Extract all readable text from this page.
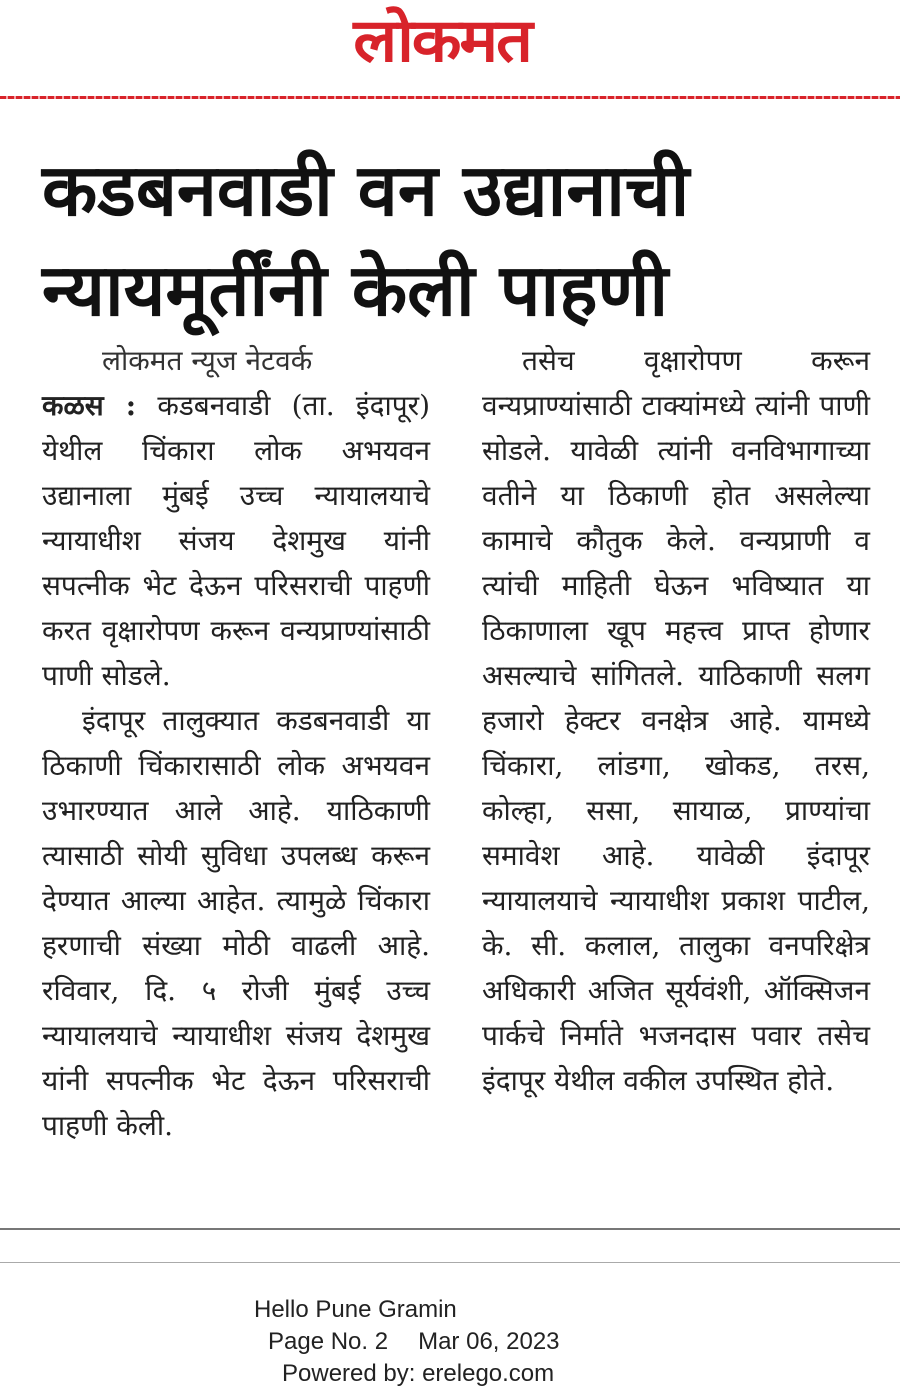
लोकमत
कडबनवाडी वन उद्यानाची
न्यायमूर्तींनी केली पाहणी

लोकमत न्यूज नेटवर्क

कळस : कडबनवाडी (ता. इंदापूर) येथील चिंकारा लोक अभयवन उद्यानाला मुंबई उच्च न्यायालयाचे न्यायाधीश संजय देशमुख यांनी सपत्नीक भेट देऊन परिसराची पाहणी करत वृक्षारोपण करून वन्यप्राण्यांसाठी पाणी सोडले.

इंदापूर तालुक्यात कडबनवाडी या ठिकाणी चिंकारासाठी लोक अभयवन उभारण्यात आले आहे. याठिकाणी त्यासाठी सोयी सुविधा उपलब्ध करून देण्यात आल्या आहेत. त्यामुळे चिंकारा हरणाची संख्या मोठी वाढली आहे. रविवार, दि. ५ रोजी मुंबई उच्च न्यायालयाचे न्यायाधीश संजय देशमुख यांनी सपत्नीक भेट देऊन परिसराची पाहणी केली.

तसेच वृक्षारोपण करून वन्यप्राण्यांसाठी टाक्यांमध्ये त्यांनी पाणी सोडले. यावेळी त्यांनी वनविभागाच्या वतीने या ठिकाणी होत असलेल्या कामाचे कौतुक केले. वन्यप्राणी व त्यांची माहिती घेऊन भविष्यात या ठिकाणाला खूप महत्त्व प्राप्त होणार असल्याचे सांगितले. याठिकाणी सलग हजारो हेक्टर वनक्षेत्र आहे. यामध्ये चिंकारा, लांडगा, खोकड, तरस, कोल्हा, ससा, सायाळ, प्राण्यांचा समावेश आहे. यावेळी इंदापूर न्यायालयाचे न्यायाधीश प्रकाश पाटील, के. सी. कलाल, तालुका वनपरिक्षेत्र अधिकारी अजित सूर्यवंशी, ऑक्सिजन पार्कचे निर्माते भजनदास पवार तसेच इंदापूर येथील वकील उपस्थित होते.

Hello Pune Gramin
Page No. 2 Mar 06, 2023
Powered by: erelego.com
